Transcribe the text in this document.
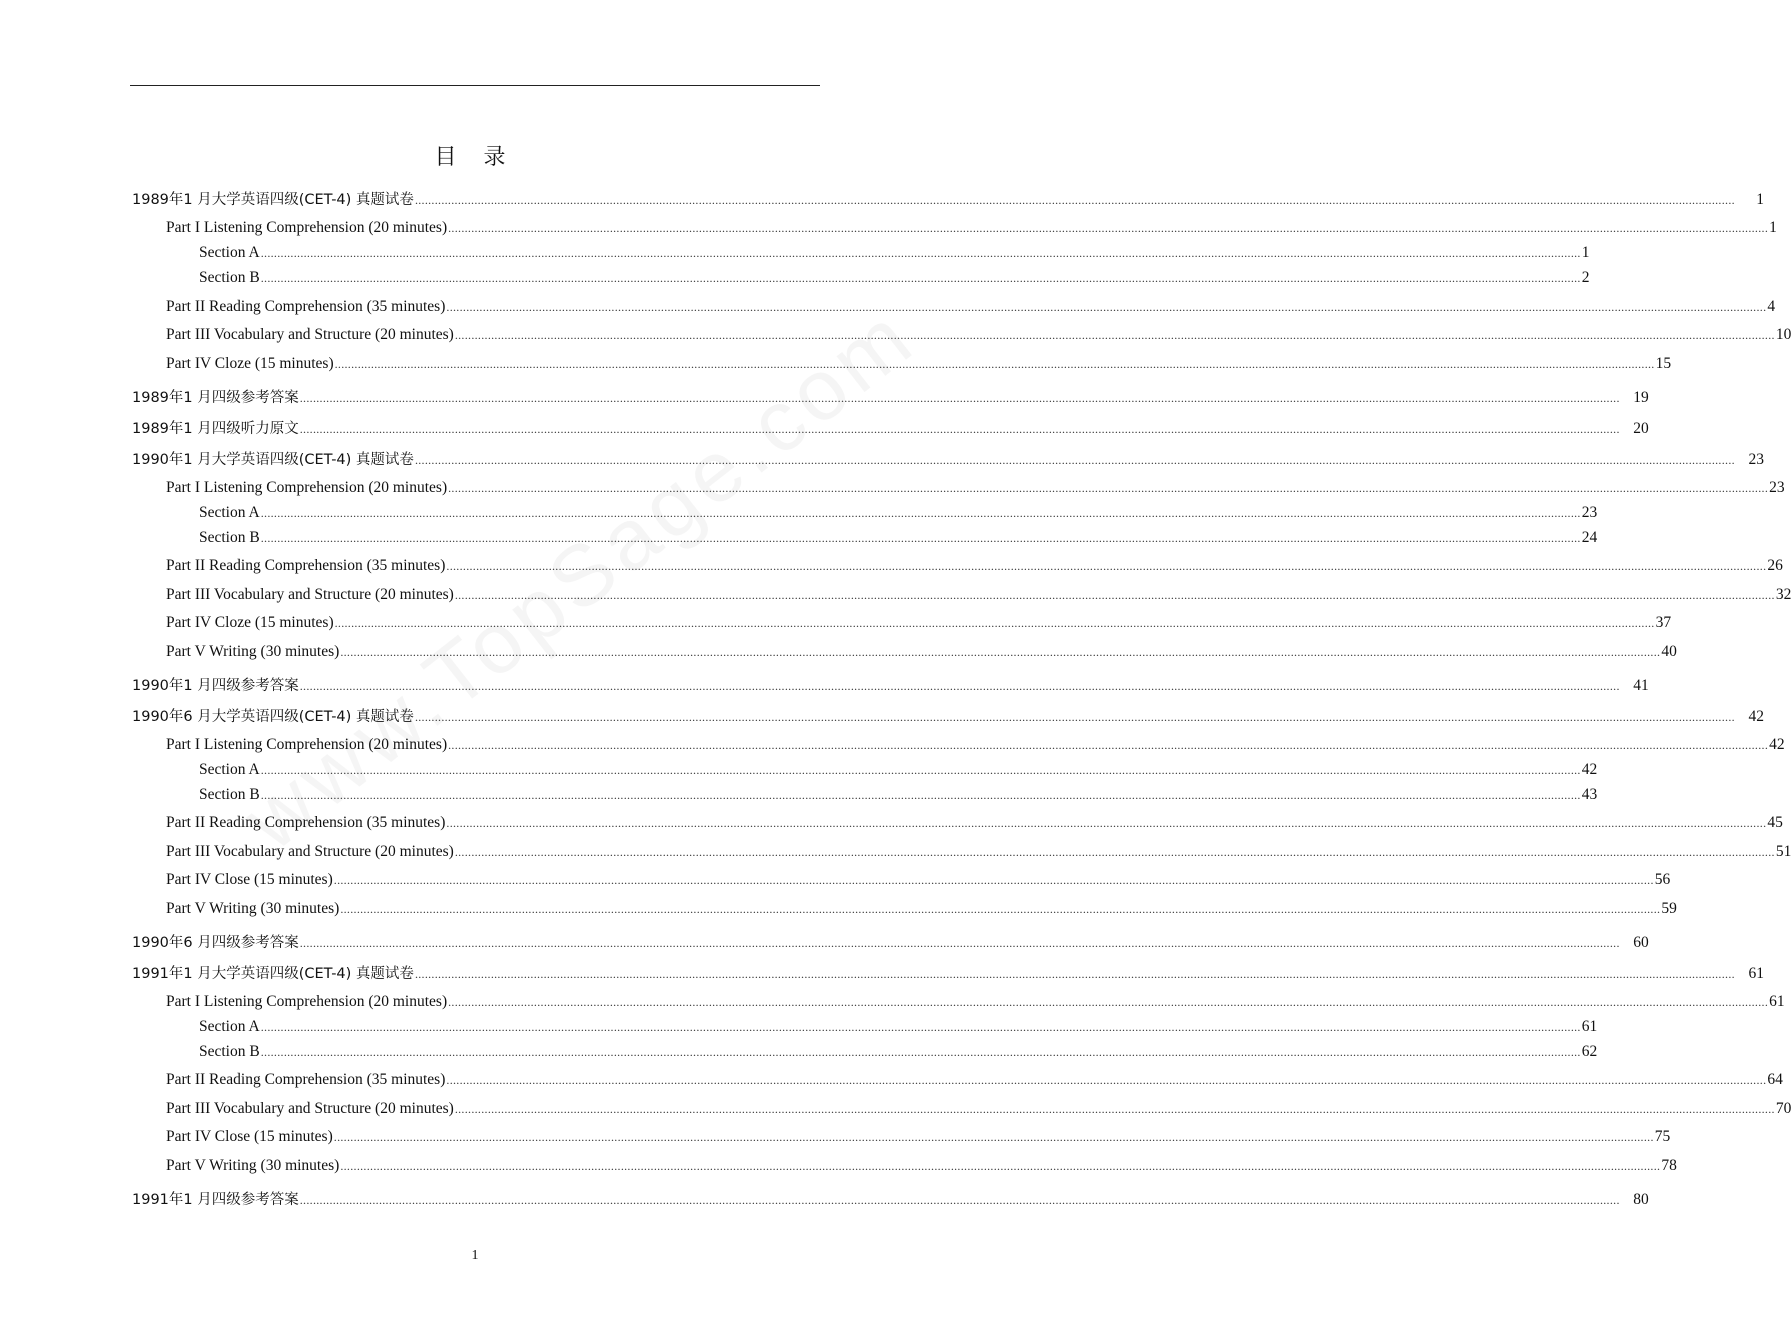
目 录
1989年1 月大学英语四级(CET-4) 真题试卷 ................................................................................................................................................................................................................................................................................................................................................................................................................	1
Part I Listening Comprehension (20 minutes) ................................................................................................................................................................................................................................................................................................................................................................................................................ 1
Section A ................................................................................................................................................................................................................................................................................................................................................................................................................ 1
Section B ................................................................................................................................................................................................................................................................................................................................................................................................................ 2
Part II Reading Comprehension (35 minutes) ................................................................................................................................................................................................................................................................................................................................................................................................................ 4
Part III Vocabulary and Structure (20 minutes) ................................................................................................................................................................................................................................................................................................................................................................................................................ 10
Part IV Cloze (15 minutes) ................................................................................................................................................................................................................................................................................................................................................................................................................ 15
1989年1 月四级参考答案 ................................................................................................................................................................................................................................................................................................................................................................................................................ 19
1989年1 月四级听力原文 ................................................................................................................................................................................................................................................................................................................................................................................................................ 20
1990年1 月大学英语四级(CET-4) 真题试卷 ................................................................................................................................................................................................................................................................................................................................................................................................................ 23
Part I Listening Comprehension (20 minutes) ................................................................................................................................................................................................................................................................................................................................................................................................................ 23
Section A ................................................................................................................................................................................................................................................................................................................................................................................................................ 23
Section B ................................................................................................................................................................................................................................................................................................................................................................................................................ 24
Part II Reading Comprehension (35 minutes) ................................................................................................................................................................................................................................................................................................................................................................................................................ 26
Part III Vocabulary and Structure (20 minutes) ................................................................................................................................................................................................................................................................................................................................................................................................................ 32
Part IV Cloze (15 minutes) ................................................................................................................................................................................................................................................................................................................................................................................................................ 37
Part V Writing (30 minutes) ................................................................................................................................................................................................................................................................................................................................................................................................................ 40
1990年1 月四级参考答案 ................................................................................................................................................................................................................................................................................................................................................................................................................ 41
1990年6 月大学英语四级(CET-4) 真题试卷 ................................................................................................................................................................................................................................................................................................................................................................................................................ 42
Part I Listening Comprehension (20 minutes) ................................................................................................................................................................................................................................................................................................................................................................................................................ 42
Section A ................................................................................................................................................................................................................................................................................................................................................................................................................ 42
Section B ................................................................................................................................................................................................................................................................................................................................................................................................................ 43
Part II Reading Comprehension (35 minutes) ................................................................................................................................................................................................................................................................................................................................................................................................................ 45
Part III Vocabulary and Structure (20 minutes) ................................................................................................................................................................................................................................................................................................................................................................................................................ 51
Part IV Close (15 minutes) ................................................................................................................................................................................................................................................................................................................................................................................................................ 56
Part V Writing (30 minutes) ................................................................................................................................................................................................................................................................................................................................................................................................................ 59
1990年6 月四级参考答案 ................................................................................................................................................................................................................................................................................................................................................................................................................ 60
1991年1 月大学英语四级(CET-4) 真题试卷 ................................................................................................................................................................................................................................................................................................................................................................................................................ 61
Part I Listening Comprehension (20 minutes) ................................................................................................................................................................................................................................................................................................................................................................................................................ 61
Section A ................................................................................................................................................................................................................................................................................................................................................................................................................ 61
Section B ................................................................................................................................................................................................................................................................................................................................................................................................................ 62
Part II Reading Comprehension (35 minutes) ................................................................................................................................................................................................................................................................................................................................................................................................................ 64
Part III Vocabulary and Structure (20 minutes) ................................................................................................................................................................................................................................................................................................................................................................................................................ 70
Part IV Close (15 minutes) ................................................................................................................................................................................................................................................................................................................................................................................................................ 75
Part V Writing (30 minutes) ................................................................................................................................................................................................................................................................................................................................................................................................................ 78
1991年1 月四级参考答案 ................................................................................................................................................................................................................................................................................................................................................................................................................ 80
1
